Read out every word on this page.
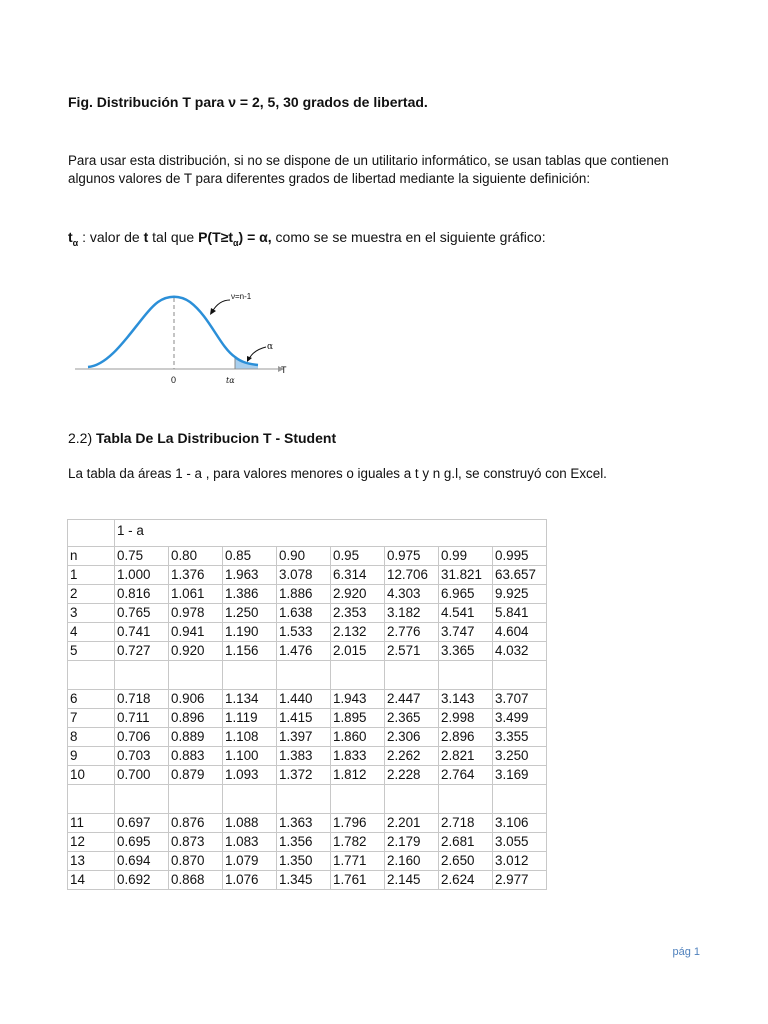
Fig. Distribución T para ν = 2, 5, 30 grados de libertad.
Para usar esta distribución, si no se dispone de un utilitario informático, se usan tablas que contienen algunos valores de T para diferentes grados de libertad mediante la siguiente definición:
$t_\alpha$ : valor de t tal que $P(T\ge t_\alpha) = \alpha$, como se se muestra en el siguiente gráfico:
ν=n-1
α
0	tα
T
2.2) Tabla De La Distribucion T - Student
La tabla da áreas 1 - a , para valores menores o iguales a t y n g.l, se construyó con Excel.
	1 - a							
n	0.75	0.80	0.85	0.90	0.95	0.975	0.99	0.995
1	1.000	1.376	1.963	3.078	6.314	12.706	31.821	63.657
2	0.816	1.061	1.386	1.886	2.920	4.303	6.965	9.925
3	0.765	0.978	1.250	1.638	2.353	3.182	4.541	5.841
4	0.741	0.941	1.190	1.533	2.132	2.776	3.747	4.604
5	0.727	0.920	1.156	1.476	2.015	2.571	3.365	4.032

6	0.718	0.906	1.134	1.440	1.943	2.447	3.143	3.707
7	0.711	0.896	1.119	1.415	1.895	2.365	2.998	3.499
8	0.706	0.889	1.108	1.397	1.860	2.306	2.896	3.355
9	0.703	0.883	1.100	1.383	1.833	2.262	2.821	3.250
10	0.700	0.879	1.093	1.372	1.812	2.228	2.764	3.169

11	0.697	0.876	1.088	1.363	1.796	2.201	2.718	3.106
12	0.695	0.873	1.083	1.356	1.782	2.179	2.681	3.055
13	0.694	0.870	1.079	1.350	1.771	2.160	2.650	3.012
14	0.692	0.868	1.076	1.345	1.761	2.145	2.624	2.977
pág 1
